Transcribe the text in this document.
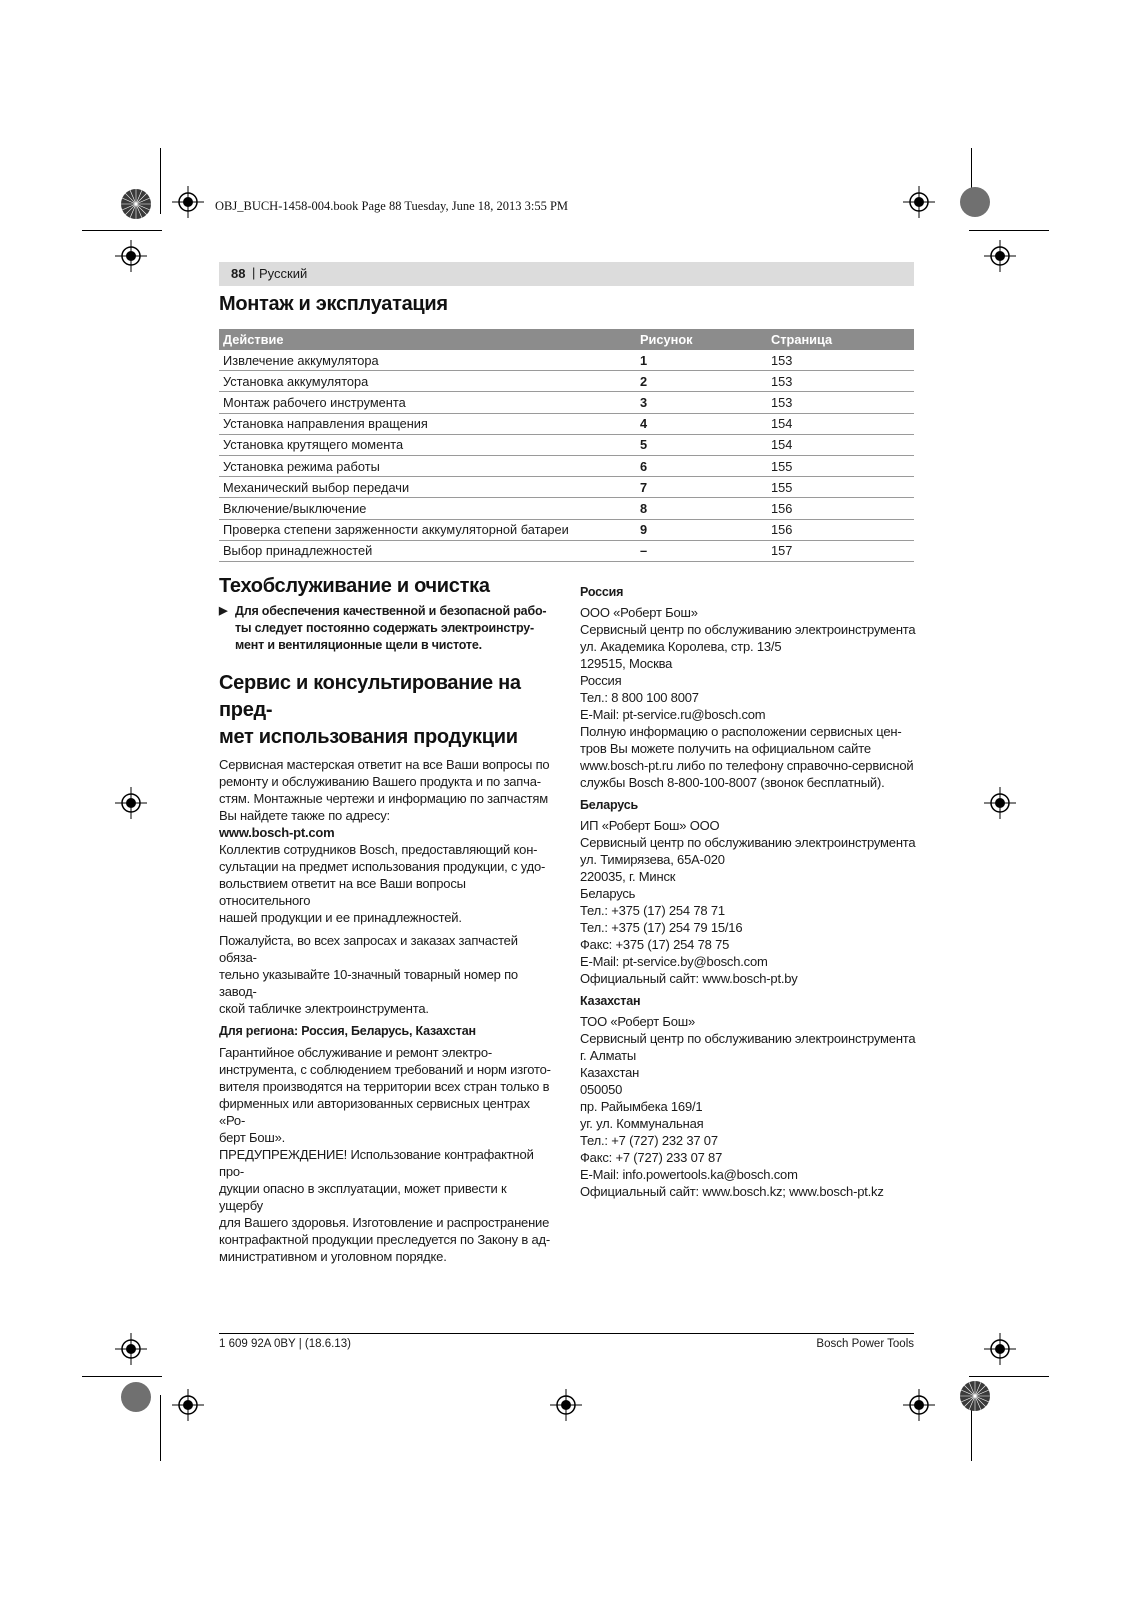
OBJ_BUCH-1458-004.book Page 88 Tuesday, June 18, 2013 3:55 PM
88 | Русский
Монтаж и эксплуатация
Действие	Рисунок	Страница
Извлечение аккумулятора	1	153
Установка аккумулятора	2	153
Монтаж рабочего инструмента	3	153
Установка направления вращения	4	154
Установка крутящего момента	5	154
Установка режима работы	6	155
Механический выбор передачи	7	155
Включение/выключение	8	156
Проверка степени заряженности аккумуляторной батареи	9	156
Выбор принадлежностей	–	157
Техобслуживание и очистка
▶ Для обеспечения качественной и безопасной рабо-

ты следует постоянно содержать электроинстру-

мент и вентиляционные щели в чистоте.

Сервис и консультирование на пред-
мет использования продукции

Сервисная мастерская ответит на все Ваши вопросы по

ремонту и обслуживанию Вашего продукта и по запча-

стям. Монтажные чертежи и информацию по запчастям

Вы найдете также по адресу:

www.bosch-pt.com

Коллектив сотрудников Bosch, предоставляющий кон-

сультации на предмет использования продукции, с удо-

вольствием ответит на все Ваши вопросы относительного

нашей продукции и ее принадлежностей.

Пожалуйста, во всех запросах и заказах запчастей обяза-

тельно указывайте 10-значный товарный номер по завод-

ской табличке электроинструмента.

Для региона: Россия, Беларусь, Казахстан

Гарантийное обслуживание и ремонт электро-

инструмента, с соблюдением требований и норм изгото-

вителя производятся на территории всех стран только в

фирменных или авторизованных сервисных центрах «Ро-

берт Бош».

ПРЕДУПРЕЖДЕНИЕ! Использование контрафактной про-

дукции опасно в эксплуатации, может привести к ущербу

для Вашего здоровья. Изготовление и распространение

контрафактной продукции преследуется по Закону в ад-

министративном и уголовном порядке.

Россия

ООО «Роберт Бош»

Сервисный центр по обслуживанию электроинструмента

ул. Академика Королева, стр. 13/5

129515, Москва

Россия

Тел.: 8 800 100 8007

E-Mail: pt-service.ru@bosch.com

Полную информацию о расположении сервисных цен-

тров Вы можете получить на официальном сайте

www.bosch-pt.ru либо по телефону справочно-сервисной

службы Bosch 8-800-100-8007 (звонок бесплатный).

Беларусь

ИП «Роберт Бош» ООО

Сервисный центр по обслуживанию электроинструмента

ул. Тимирязева, 65А-020

220035, г. Минск

Беларусь

Тел.: +375 (17) 254 78 71

Тел.: +375 (17) 254 79 15/16

Факс: +375 (17) 254 78 75

E-Mail: pt-service.by@bosch.com

Официальный сайт: www.bosch-pt.by

Казахстан

ТОО «Роберт Бош»

Сервисный центр по обслуживанию электроинструмента

г. Алматы

Казахстан

050050

пр. Райымбека 169/1

уг. ул. Коммунальная

Тел.: +7 (727) 232 37 07

Факс: +7 (727) 233 07 87

E-Mail: info.powertools.ka@bosch.com

Официальный сайт: www.bosch.kz; www.bosch-pt.kz

1 609 92A 0BY | (18.6.13)	Bosch Power Tools
